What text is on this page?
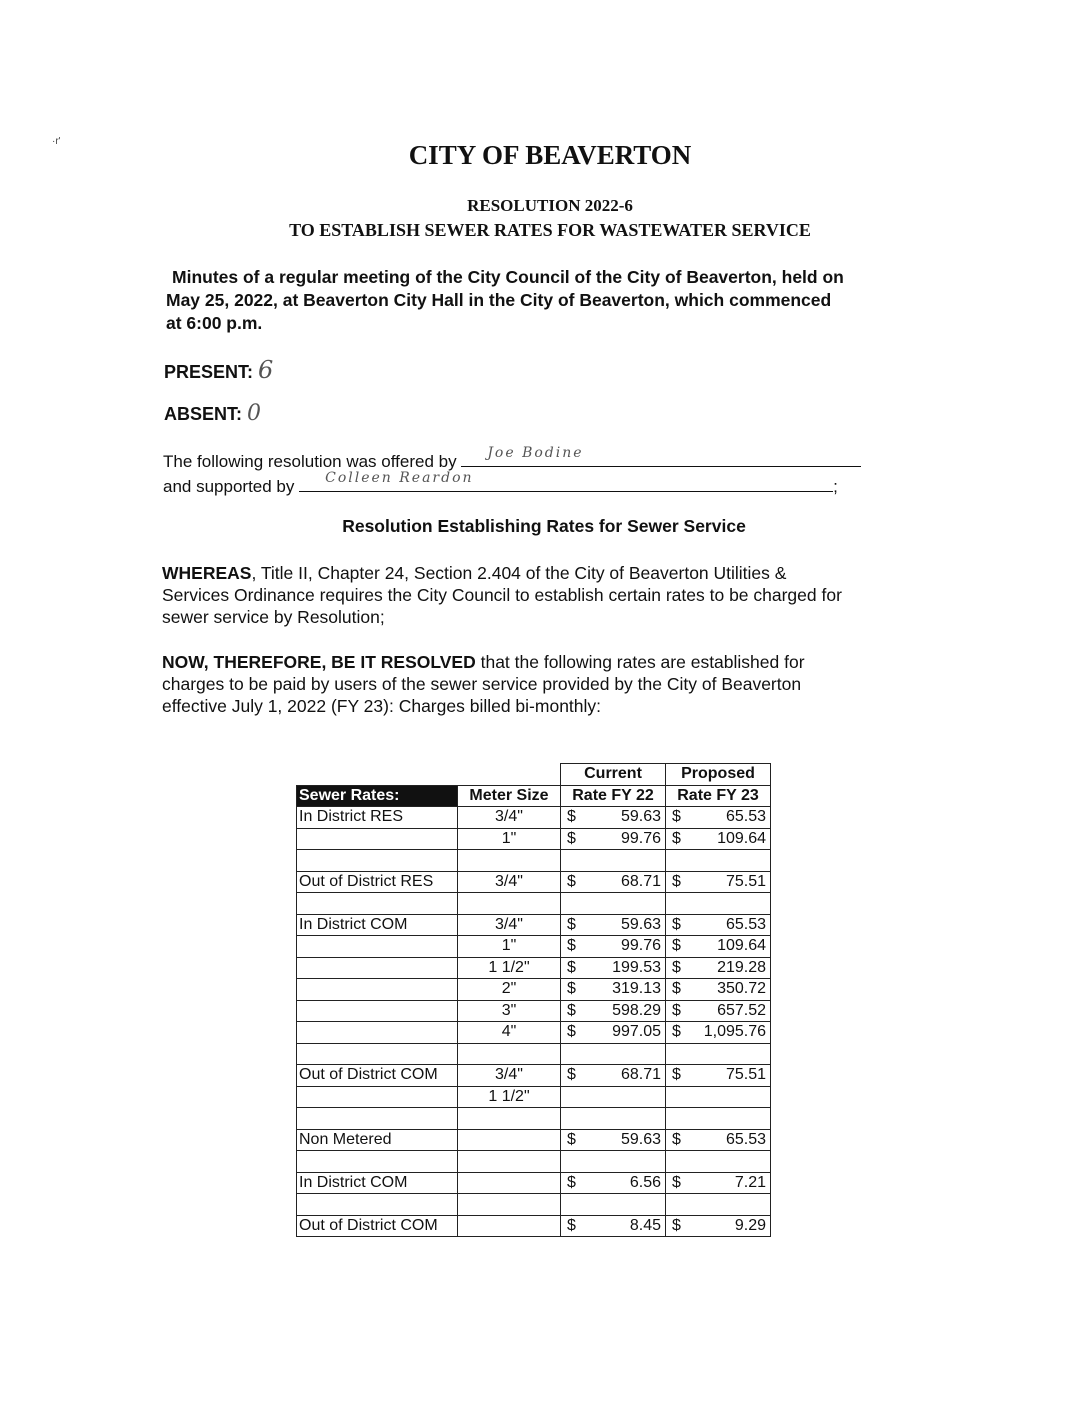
·r'	CITY OF BEAVERTON
RESOLUTION 2022-6
TO ESTABLISH SEWER RATES FOR WASTEWATER SERVICE
Minutes of a regular meeting of the City Council of the City of Beaverton, held on
May 25, 2022, at Beaverton City Hall in the City of Beaverton, which commenced
at 6:00 p.m.
PRESENT: 6
ABSENT: 0
The following resolution was offered by Joe Bodine
and supported by Colleen Reardon	;
Resolution Establishing Rates for Sewer Service
WHEREAS, Title II, Chapter 24, Section 2.404 of the City of Beaverton Utilities &
Services Ordinance requires the City Council to establish certain rates to be charged for
sewer service by Resolution;
NOW, THEREFORE, BE IT RESOLVED that the following rates are established for
charges to be paid by users of the sewer service provided by the City of Beaverton
effective July 1, 2022 (FY 23): Charges billed bi-monthly:
		Current	Proposed
Sewer Rates:	Meter Size	Rate FY 22	Rate FY 23
In District RES	3/4"	$ 59.63	$ 65.53

	1"	$ 99.76	$ 109.64

Out of District RES	3/4"	$ 68.71	$ 75.51

In District COM	3/4"	$ 59.63	$ 65.53

	1"	$ 99.76	$ 109.64

	1 1/2"	$ 199.53	$ 219.28

	2"	$ 319.13	$ 350.72

	3"	$ 598.29	$ 657.52

	4"	$ 997.05	$ 1,095.76

Out of District COM	3/4"	$ 68.71	$ 75.51

	1 1/2"	

Non Metered		$ 59.63	$ 65.53

In District COM		$ 6.56	$ 7.21

Out of District COM		$ 8.45	$ 9.29
